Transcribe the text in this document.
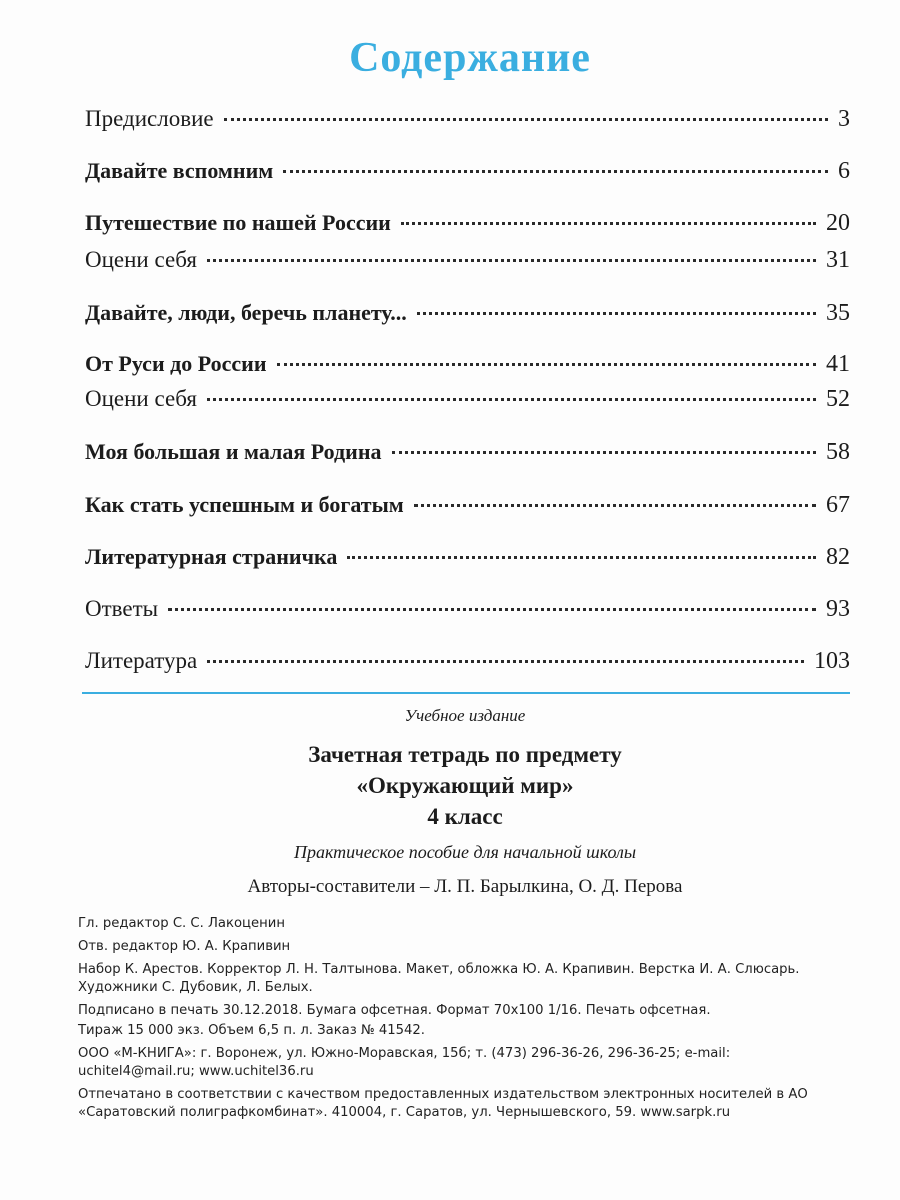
Содержание
Предисловие	3
Давайте вспомним	6
Путешествие по нашей России	20
Оцени себя	31
Давайте, люди, беречь планету...	35
От Руси до России	41
Оцени себя	52
Моя большая и малая Родина	58
Как стать успешным и богатым	67
Литературная страничка	82
Ответы	93
Литература	103
Учебное издание
Зачетная тетрадь по предмету
«Окружающий мир»
4 класс
Практическое пособие для начальной школы
Авторы-составители – Л. П. Барылкина, О. Д. Перова

Гл. редактор С. С. Лакоценин

Отв. редактор Ю. А. Крапивин

Набор К. Арестов. Корректор Л. Н. Талтынова. Макет, обложка Ю. А. Крапивин. Верстка И. А. Слюсарь. Художники С. Дубовик, Л. Белых.

Подписано в печать 30.12.2018. Бумага офсетная. Формат 70х100 1/16. Печать офсетная.

Тираж 15 000 экз. Объем 6,5 п. л. Заказ № 41542.

ООО «М-КНИГА»: г. Воронеж, ул. Южно-Моравская, 15б; т. (473) 296-36-26, 296-36-25; e-mail: uchitel4@mail.ru; www.uchitel36.ru

Отпечатано в соответствии с качеством предоставленных издательством электронных носителей в АО «Саратовский полиграфкомбинат». 410004, г. Саратов, ул. Чернышевского, 59. www.sarpk.ru
